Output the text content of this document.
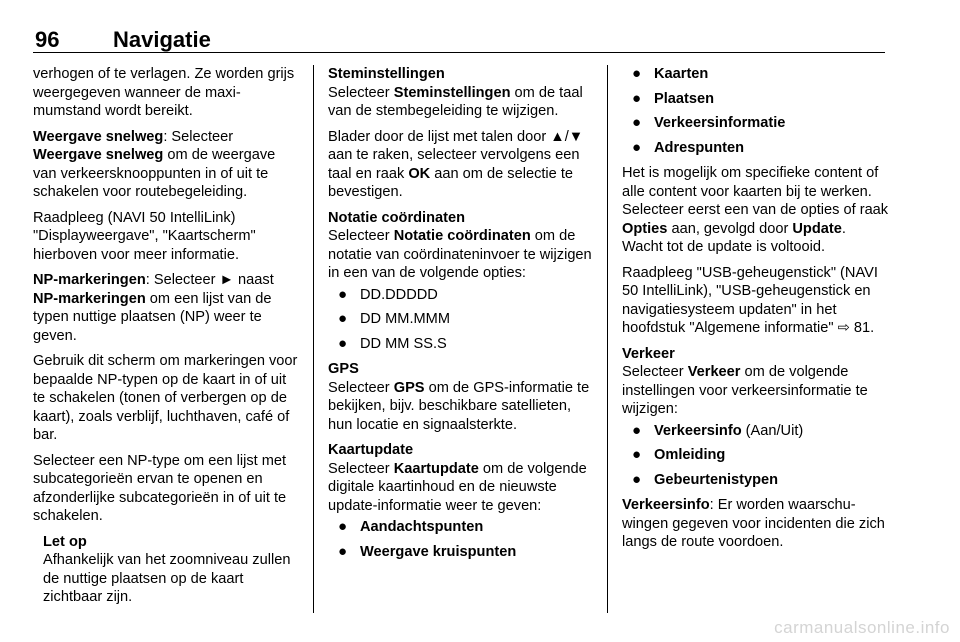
96 Navigatie

verhogen of te verlagen. Ze worden grijs weergegeven wanneer de maximumstand wordt bereikt.

Weergave snelweg: Selecteer Weergave snelweg om de weergave van verkeersknooppunten in of uit te schakelen voor routebegeleiding.

Raadpleeg (NAVI 50 IntelliLink) "Displayweergave", "Kaartscherm" hierboven voor meer informatie.

NP-markeringen: Selecteer ► naast NP-markeringen om een lijst van de typen nuttige plaatsen (NP) weer te geven.

Gebruik dit scherm om markeringen voor bepaalde NP-typen op de kaart in of uit te schakelen (tonen of verbergen op de kaart), zoals verblijf, luchthaven, café of bar.

Selecteer een NP-type om een lijst met subcategorieën ervan te openen en afzonderlijke subcategorieën in of uit te schakelen.

Let op
Afhankelijk van het zoomniveau zullen de nuttige plaatsen op de kaart zichtbaar zijn.

Steminstellingen
Selecteer Steminstellingen om de taal van de stembegeleiding te wijzigen.

Blader door de lijst met talen door ▲/▼ aan te raken, selecteer vervolgens een taal en raak OK aan om de selectie te bevestigen.

Notatie coördinaten
Selecteer Notatie coördinaten om de notatie van coördinateninvoer te wijzigen in een van de volgende opties:

● DD.DDDDD
● DD MM.MMM
● DD MM SS.S

GPS
Selecteer GPS om de GPS-informatie te bekijken, bijv. beschikbare satellieten, hun locatie en signaalsterkte.

Kaartupdate
Selecteer Kaartupdate om de volgende digitale kaartinhoud en de nieuwste update-informatie weer te geven:

● Aandachtspunten
● Weergave kruispunten
● Kaarten
● Plaatsen
● Verkeersinformatie
● Adrespunten

Het is mogelijk om specifieke content of alle content voor kaarten bij te werken. Selecteer eerst een van de opties of raak Opties aan, gevolgd door Update. Wacht tot de update is voltooid.

Raadpleeg "USB-geheugenstick" (NAVI 50 IntelliLink), "USB-geheugenstick en navigatiesysteem updaten" in het hoofdstuk "Algemene informatie" ⇨ 81.

Verkeer
Selecteer Verkeer om de volgende instellingen voor verkeersinformatie te wijzigen:

● Verkeersinfo (Aan/Uit)
● Omleiding
● Gebeurtenistypen

Verkeersinfo: Er worden waarschuwingen gegeven voor incidenten die zich langs de route voordoen.

carmanualsonline.info
